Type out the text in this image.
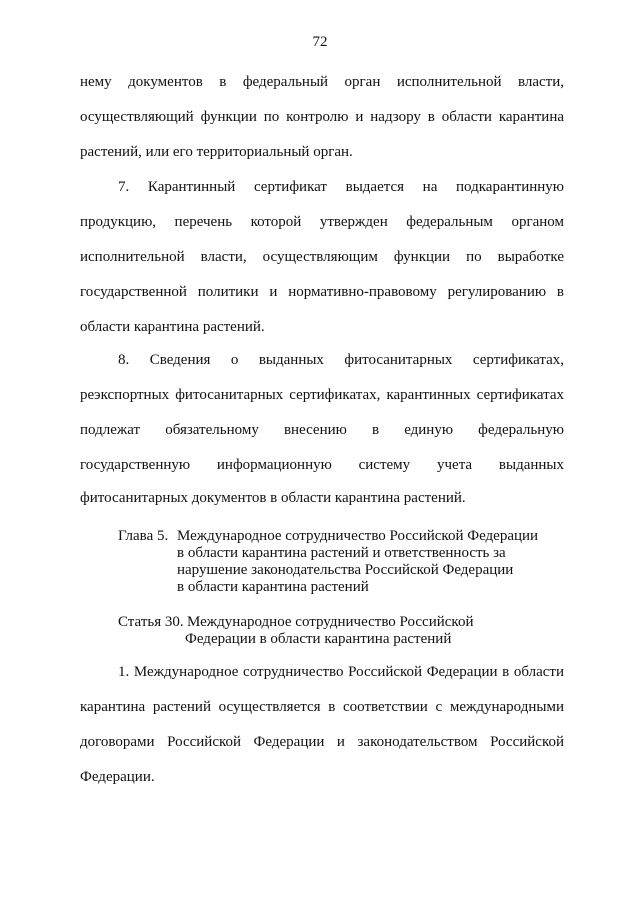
72
нему документов в федеральный орган исполнительной власти,
осуществляющий функции по контролю и надзору в области карантина
растений, или его территориальный орган.
7. Карантинный сертификат выдается на подкарантинную
продукцию, перечень которой утвержден федеральным органом
исполнительной власти, осуществляющим функции по выработке
государственной политики и нормативно-правовому регулированию в
области карантина растений.
8. Сведения о выданных фитосанитарных сертификатах,
реэкспортных фитосанитарных сертификатах, карантинных сертификатах
подлежат обязательному внесению в единую федеральную
государственную информационную систему учета выданных
фитосанитарных документов в области карантина растений.
Глава 5. Международное сотрудничество Российской Федерации
в области карантина растений и ответственность за
нарушение законодательства Российской Федерации
в области карантина растений
Статья 30. Международное сотрудничество Российской
Федерации в области карантина растений
1. Международное сотрудничество Российской Федерации в области
карантина растений осуществляется в соответствии с международными
договорами Российской Федерации и законодательством Российской
Федерации.
